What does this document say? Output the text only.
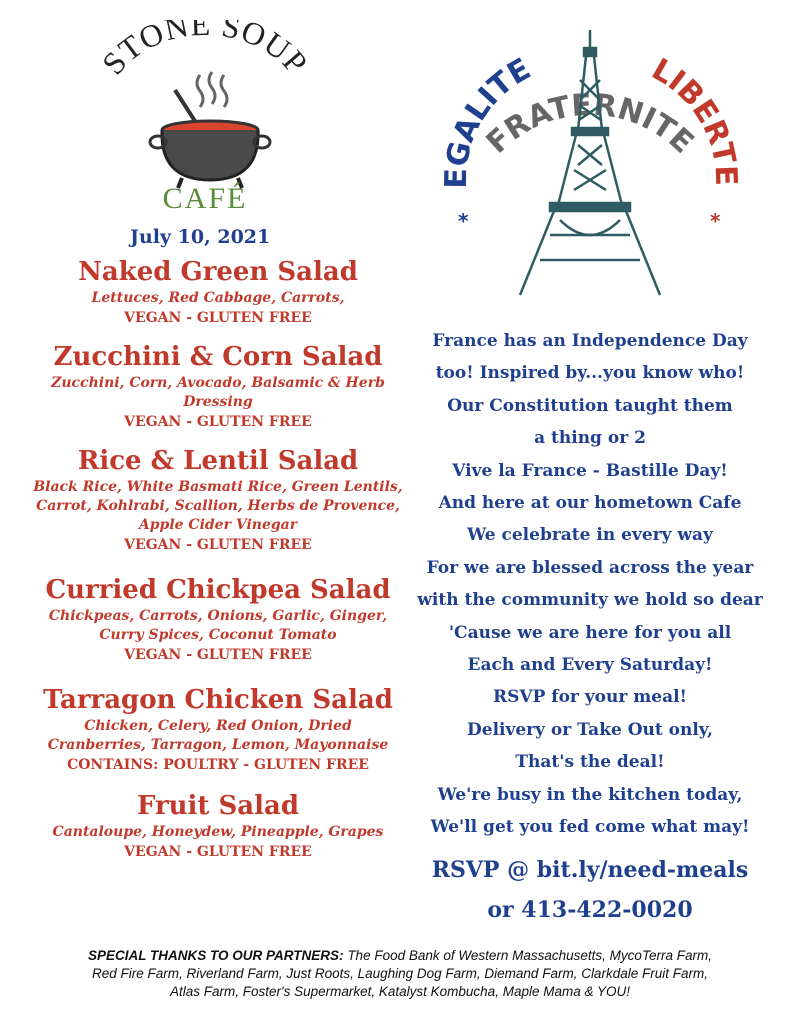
STONE SOUP
CAFÉ
July 10, 2021
Naked Green Salad
Lettuces, Red Cabbage, Carrots,
VEGAN - GLUTEN FREE
Zucchini & Corn Salad
Zucchini, Corn, Avocado, Balsamic & Herb
Dressing
VEGAN - GLUTEN FREE
Rice & Lentil Salad
Black Rice, White Basmati Rice, Green Lentils,
Carrot, Kohlrabi, Scallion, Herbs de Provence,
Apple Cider Vinegar
VEGAN - GLUTEN FREE
Curried Chickpea Salad
Chickpeas, Carrots, Onions, Garlic, Ginger,
Curry Spices, Coconut Tomato
VEGAN - GLUTEN FREE
Tarragon Chicken Salad
Chicken, Celery, Red Onion, Dried
Cranberries, Tarragon, Lemon, Mayonnaise
CONTAINS: POULTRY - GLUTEN FREE
Fruit Salad
Cantaloupe, Honeydew, Pineapple, Grapes
VEGAN - GLUTEN FREE
EGALITE	LIBERTE
FRATERNITE
*	*
France has an Independence Day
too! Inspired by...you know who!
Our Constitution taught them
a thing or 2
Vive la France - Bastille Day!
And here at our hometown Cafe
We celebrate in every way
For we are blessed across the year
with the community we hold so dear
'Cause we are here for you all
Each and Every Saturday!
RSVP for your meal!
Delivery or Take Out only,
That's the deal!
We're busy in the kitchen today,
We'll get you fed come what may!
RSVP @ bit.ly/need-meals
or 413-422-0020
SPECIAL THANKS TO OUR PARTNERS: The Food Bank of Western Massachusetts, MycoTerra Farm,
Red Fire Farm, Riverland Farm, Just Roots, Laughing Dog Farm, Diemand Farm, Clarkdale Fruit Farm,
Atlas Farm, Foster's Supermarket, Katalyst Kombucha, Maple Mama & YOU!
